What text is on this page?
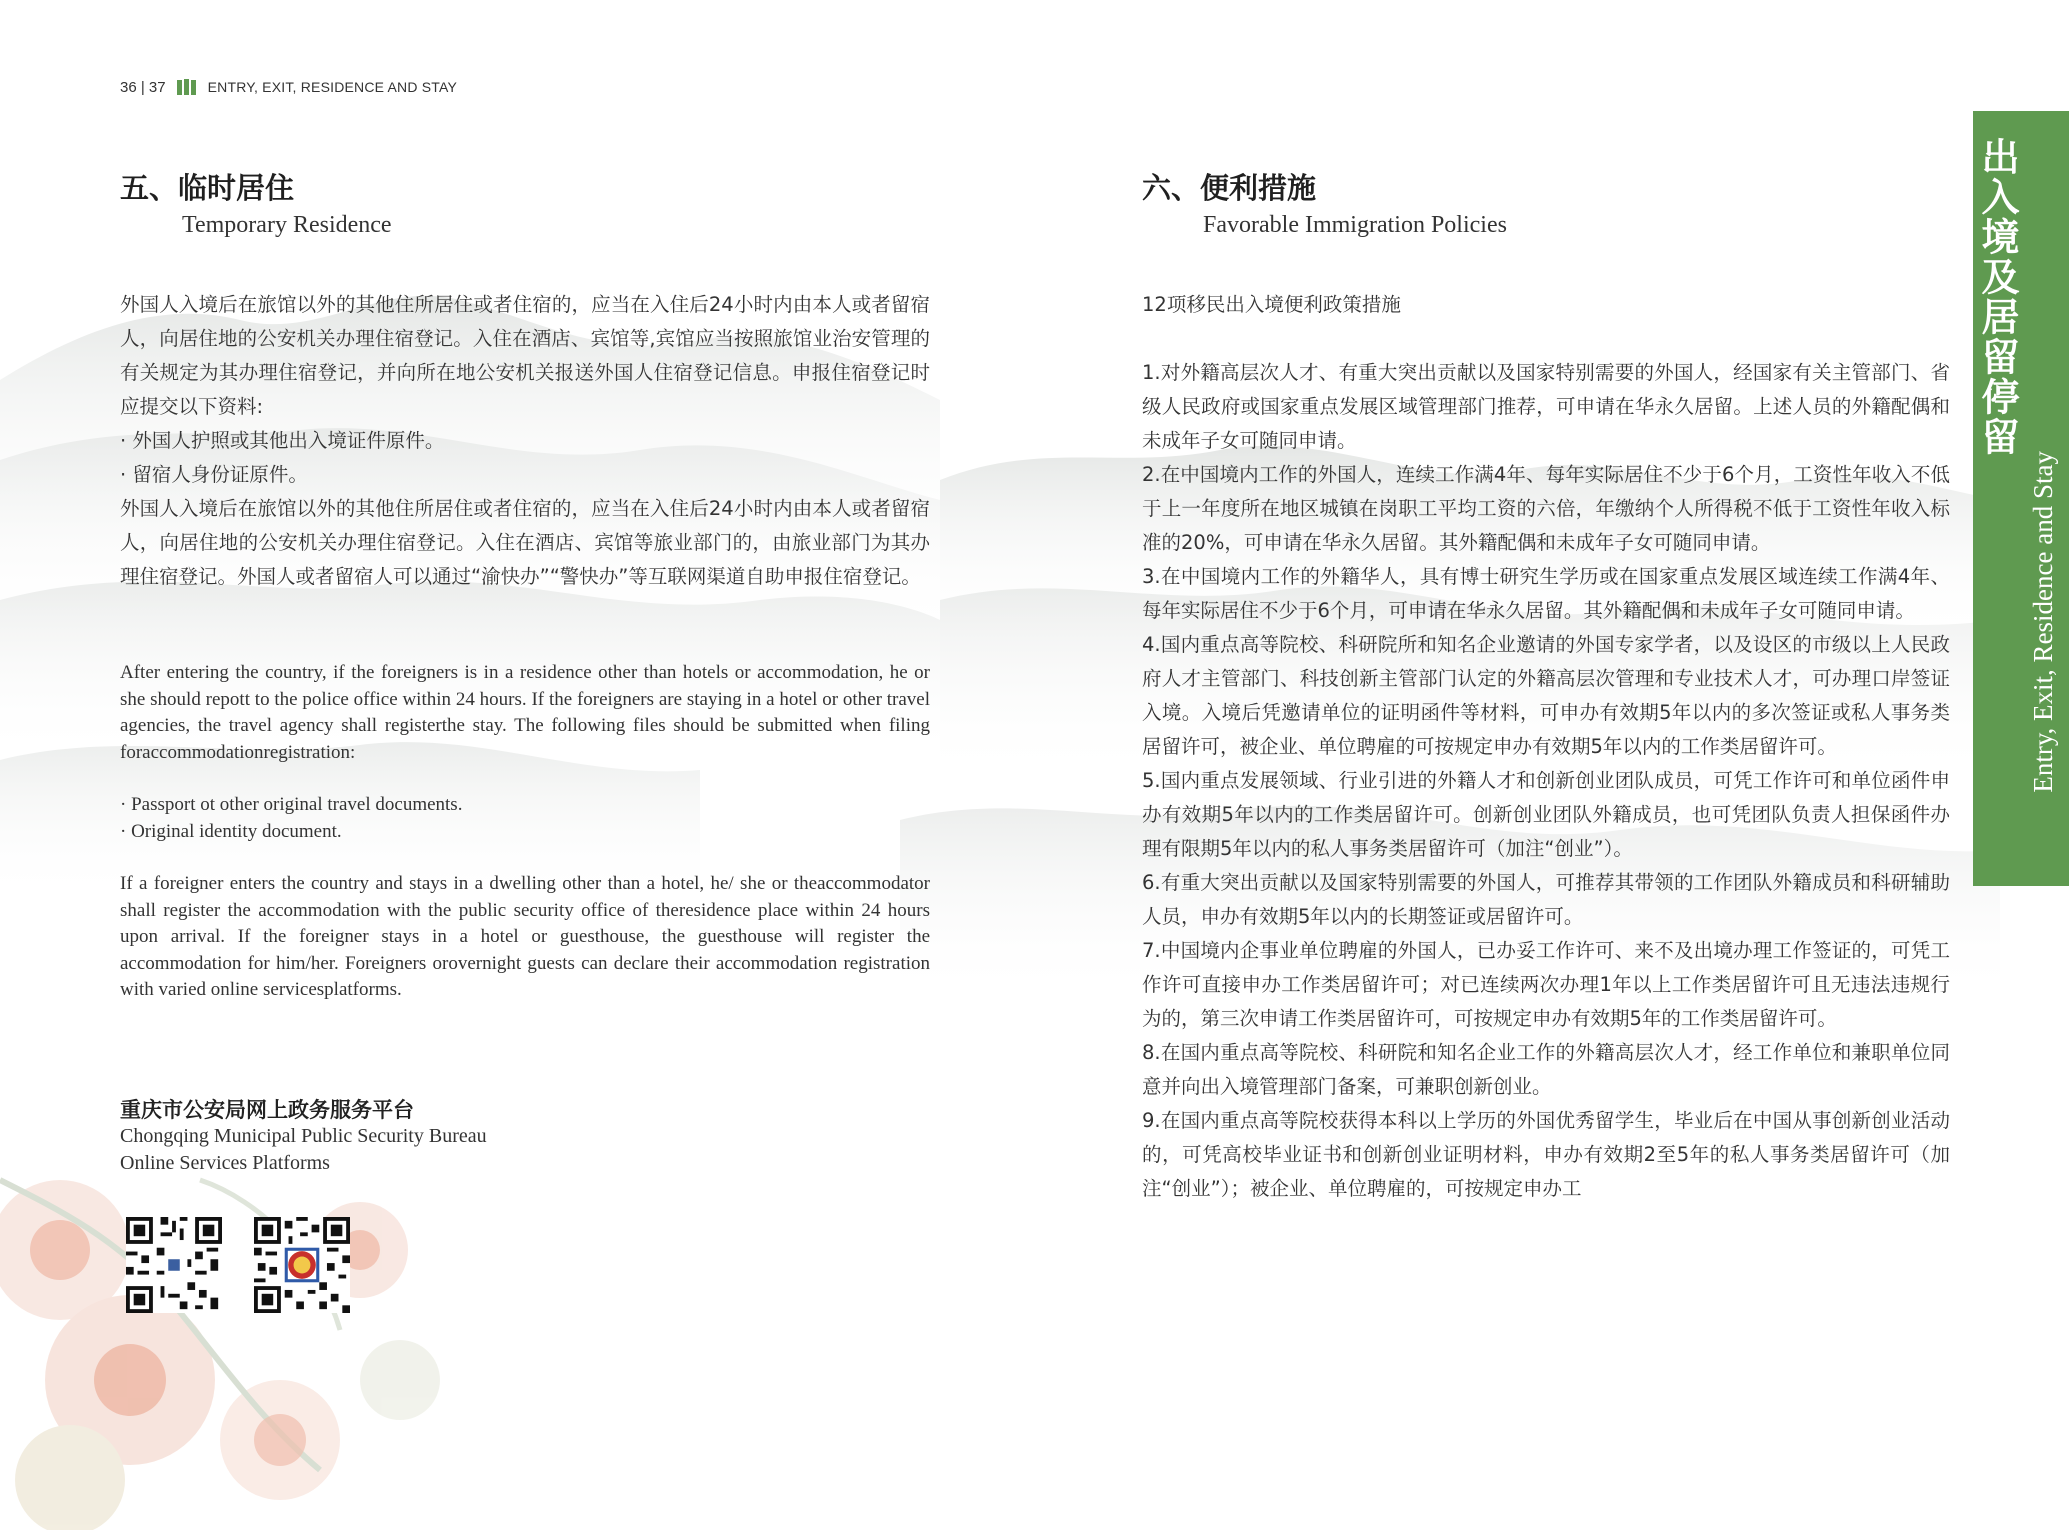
36 | 37	ENTRY, EXIT, RESIDENCE AND STAY
五、临时居住
Temporary Residence

外国人入境后在旅馆以外的其他住所居住或者住宿的，应当在入住后24小时内由本人或者留宿人，向居住地的公安机关办理住宿登记。入住在酒店、宾馆等,宾馆应当按照旅馆业治安管理的有关规定为其办理住宿登记，并向所在地公安机关报送外国人住宿登记信息。申报住宿登记时应提交以下资料:

· 外国人护照或其他出入境证件原件。

· 留宿人身份证原件。

外国人入境后在旅馆以外的其他住所居住或者住宿的，应当在入住后24小时内由本人或者留宿人，向居住地的公安机关办理住宿登记。入住在酒店、宾馆等旅业部门的，由旅业部门为其办理住宿登记。外国人或者留宿人可以通过“渝快办”“警快办”等互联网渠道自助申报住宿登记。

After entering the country, if the foreigners is in a residence other than hotels or accommodation, he or she should repott to the police office within 24 hours. If the foreigners are staying in a hotel or other travel agencies, the travel agency shall registerthe stay. The following files should be submitted when filing foraccommodationregistration:

· Passport ot other original travel documents.

· Original identity document.

If a foreigner enters the country and stays in a dwelling other than a hotel, he/ she or theaccommodator shall register the accommodation with the public security office of theresidence place within 24 hours upon arrival. If the foreigner stays in a hotel or guesthouse, the guesthouse will register the accommodation for him/her. Foreigners orovernight guests can declare their accommodation registration with varied online servicesplatforms.

重庆市公安局网上政务服务平台
Chongqing Municipal Public Security Bureau
Online Services Platforms
六、便利措施
Favorable Immigration Policies
12项移民出入境便利政策措施

1.对外籍高层次人才、有重大突出贡献以及国家特别需要的外国人，经国家有关主管部门、省级人民政府或国家重点发展区域管理部门推荐，可申请在华永久居留。上述人员的外籍配偶和未成年子女可随同申请。

2.在中国境内工作的外国人，连续工作满4年、每年实际居住不少于6个月，工资性年收入不低于上一年度所在地区城镇在岗职工平均工资的六倍，年缴纳个人所得税不低于工资性年收入标准的20%，可申请在华永久居留。其外籍配偶和未成年子女可随同申请。

3.在中国境内工作的外籍华人，具有博士研究生学历或在国家重点发展区域连续工作满4年、每年实际居住不少于6个月，可申请在华永久居留。其外籍配偶和未成年子女可随同申请。

4.国内重点高等院校、科研院所和知名企业邀请的外国专家学者，以及设区的市级以上人民政府人才主管部门、科技创新主管部门认定的外籍高层次管理和专业技术人才，可办理口岸签证入境。入境后凭邀请单位的证明函件等材料，可申办有效期5年以内的多次签证或私人事务类居留许可，被企业、单位聘雇的可按规定申办有效期5年以内的工作类居留许可。

5.国内重点发展领域、行业引进的外籍人才和创新创业团队成员，可凭工作许可和单位函件申办有效期5年以内的工作类居留许可。创新创业团队外籍成员，也可凭团队负责人担保函件办理有限期5年以内的私人事务类居留许可（加注“创业”）。

6.有重大突出贡献以及国家特别需要的外国人，可推荐其带领的工作团队外籍成员和科研辅助人员，申办有效期5年以内的长期签证或居留许可。

7.中国境内企事业单位聘雇的外国人，已办妥工作许可、来不及出境办理工作签证的，可凭工作许可直接申办工作类居留许可；对已连续两次办理1年以上工作类居留许可且无违法违规行为的，第三次申请工作类居留许可，可按规定申办有效期5年的工作类居留许可。

8.在国内重点高等院校、科研院和知名企业工作的外籍高层次人才，经工作单位和兼职单位同意并向出入境管理部门备案，可兼职创新创业。

9.在国内重点高等院校获得本科以上学历的外国优秀留学生，毕业后在中国从事创新创业活动的，可凭高校毕业证书和创新创业证明材料，申办有效期2至5年的私人事务类居留许可（加注“创业”）；被企业、单位聘雇的，可按规定申办工

出入境及居留停留
Entry, Exit, Residence and Stay
